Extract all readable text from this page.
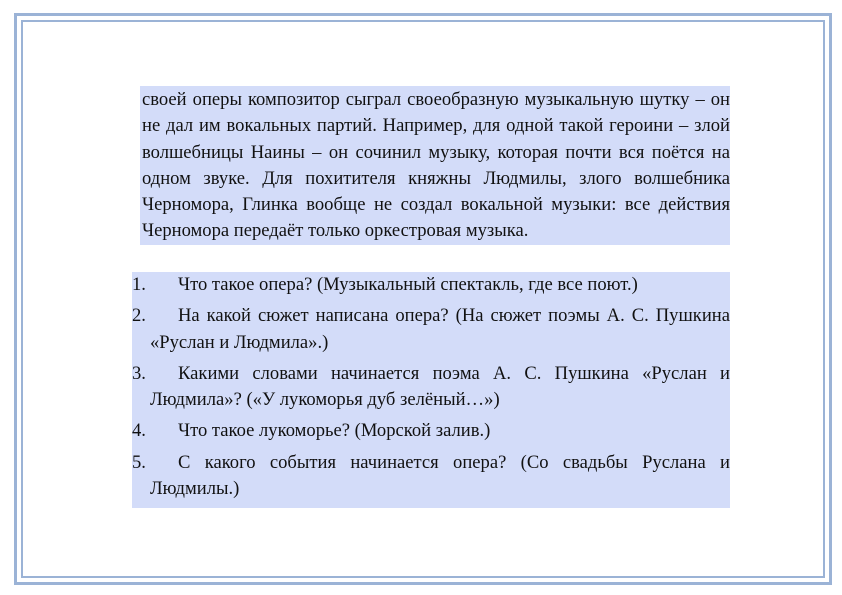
своей оперы композитор сыграл своеобразную музыкальную шутку – он не дал им вокальных партий. Например, для одной такой героини – злой волшебницы Наины – он сочинил музыку, которая почти вся поётся на одном звуке. Для похитителя княжны Людмилы, злого волшебника Черномора, Глинка вообще не создал вокальной музыки: все действия Черномора передаёт только оркестровая музыка.

1. Что такое опера? (Музыкальный спектакль, где все поют.)
2. На какой сюжет написана опера? (На сюжет поэмы А. С. Пушкина «Руслан и Людмила».)
3. Какими словами начинается поэма А. С. Пушкина «Руслан и Людмила»? («У лукоморья дуб зелёный…»)
4. Что такое лукоморье? (Морской залив.)
5. С какого события начинается опера? (Со свадьбы Руслана и Людмилы.)
